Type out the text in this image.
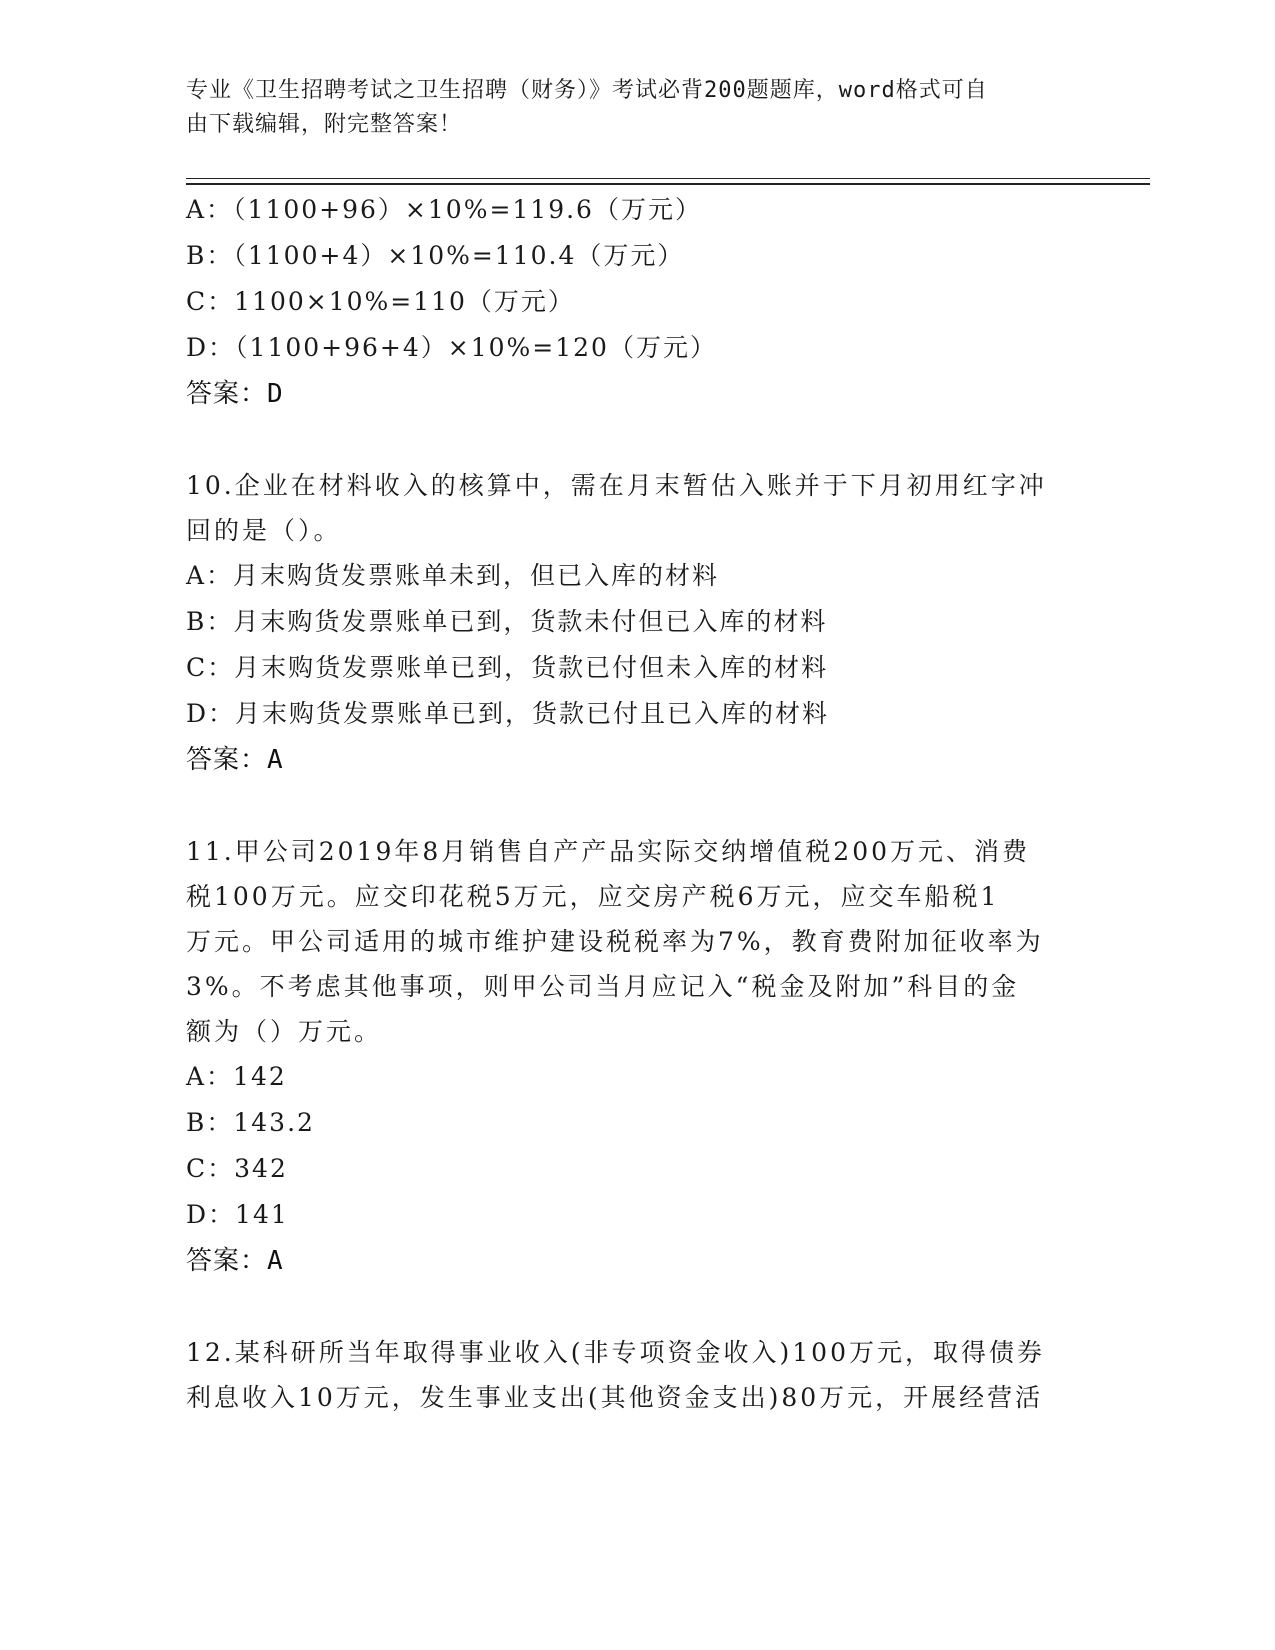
专业《卫生招聘考试之卫生招聘（财务）》考试必背200题题库，word格式可自
由下载编辑，附完整答案！
A：（1100+96）×10%=119.6（万元）
B：（1100+4）×10%=110.4（万元）
C：1100×10%=110（万元）
D：（1100+96+4）×10%=120（万元）
答案：D
10.企业在材料收入的核算中，需在月末暂估入账并于下月初用红字冲
回的是（）。
A：月末购货发票账单未到，但已入库的材料
B：月末购货发票账单已到，货款未付但已入库的材料
C：月末购货发票账单已到，货款已付但未入库的材料
D：月末购货发票账单已到，货款已付且已入库的材料
答案：A
11.甲公司2019年8月销售自产产品实际交纳增值税200万元、消费
税100万元。应交印花税5万元，应交房产税6万元，应交车船税1
万元。甲公司适用的城市维护建设税税率为7%，教育费附加征收率为
3%。不考虑其他事项，则甲公司当月应记入“税金及附加”科目的金
额为（）万元。
A：142
B：143.2
C：342
D：141
答案：A
12.某科研所当年取得事业收入(非专项资金收入)100万元，取得债券
利息收入10万元，发生事业支出(其他资金支出)80万元，开展经营活
